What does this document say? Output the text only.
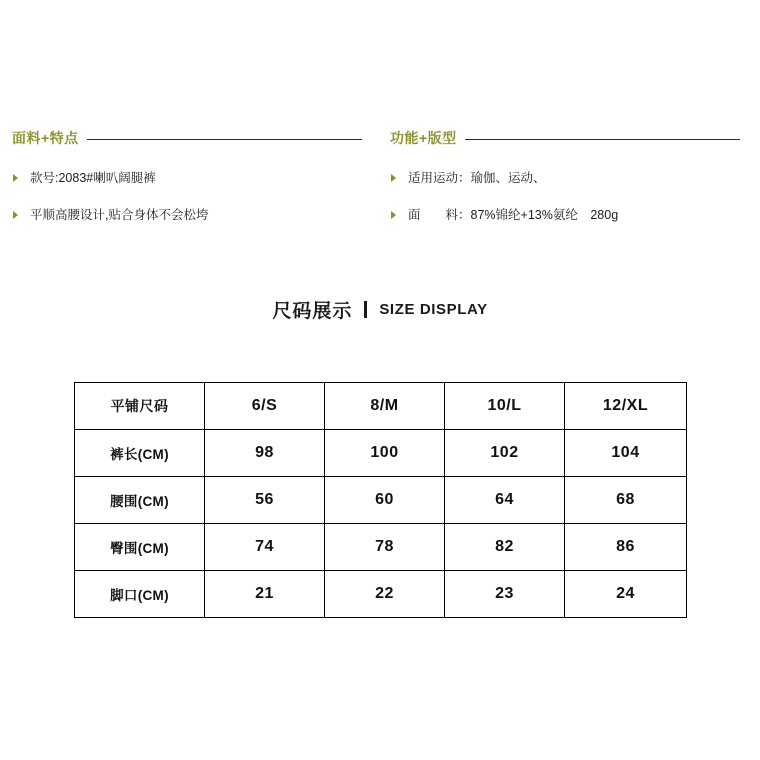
面料+特点
款号:2083#喇叭阔腿裤
平顺高腰设计,贴合身体不会松垮
功能+版型
适用运动：瑜伽、运动、
面　　料：87%锦纶+13%氨纶　280g
尺码展示 SIZE DISPLAY
平铺尺码	6/S	8/M	10/L	12/XL
裤长(CM)	98	100	102	104
腰围(CM)	56	60	64	68
臀围(CM)	74	78	82	86
脚口(CM)	21	22	23	24
